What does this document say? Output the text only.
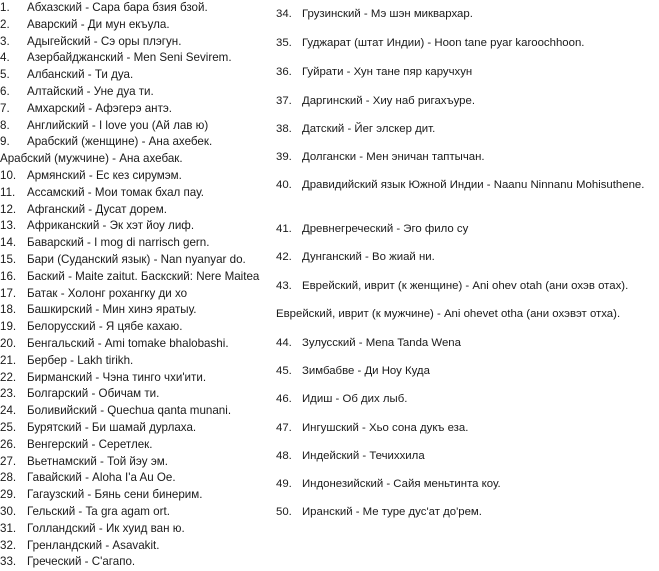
1.	Абхазский - Сара бара бзия бзой.
2.	Аварский - Ди мун екъула.
3.	Адыгейский - Сэ оры плэгун.
4.	Азербайджанский - Men Seni Sevirem.
5.	Албанский - Ти дуа.
6.	Алтайский - Уне дуа ти.
7.	Амхарский - Афэгерэ антэ.
8.	Английский - I love you (Ай лав ю)
9.	Арабский (женщине) - Ана ахебек.
Арабский (мужчине) - Ана ахебак.
10. Армянский - Ес кез сирумэм.
11.	Ассамский - Мои томак бхал пау.
12. Афганский - Дусат дорем.
13. Африканский - Эк хэт йоу лиф.
14. Баварский - I mog di narrisch gern.
15. Бари (Суданский язык) - Nan nyanyar do.
16. Баский - Maite zaitut. Баскский: Nere Maitea
17. Батак - Холонг рохангку ди хо
18. Башкирский - Мин хинэ яратыу.
19. Белорусский - Я цябе кахаю.
20. Бенгальский - Ami tomake bhalobashi.
21. Бербер - Lakh tirikh.
22. Бирманский - Чэна тинго чхи'ити.
23. Болгарский - Обичам ти.
24. Боливийский - Quechua qanta munani.
25. Бурятский - Би шамай дурлаха.
26. Венгерский - Серетлек.
27. Вьетнамский - Той йэу эм.
28. Гавайский - Aloha I'a Au Oe.
29. Гагаузский - Бянь сени бинерим.
30. Гельский - Ta gra agam ort.
31. Голландский - Ик хуид ван ю.
32. Гренландский - Asavakit.
33. Греческий - С'агапо.
34. Грузинский - Мэ шэн миквархар.
35. Гуджарат (штат Индии) - Hoon tane pyar karoochhoon.
36. Гуйрати - Хун тане пяр каручхун
37. Даргинский - Хиу наб ригахъуре.
38. Датский - Йег элскер дит.
39. Долгански - Мен эничан таптычан.
40. Дравидийский язык Южной Индии - Naanu Ninnanu Mohisuthene.
41. Древнегреческий - Эго фило су
42. Дунганский - Во жиай ни.
43. Еврейский, иврит (к женщине) - Ani ohev otah (ани охэв отах).
Еврейский, иврит (к мужчине) - Ani ohevet otha (ани охэвэт отха).
44. Зулусский - Mena Tanda Wena
45. Зимбабве - Ди Ноу Куда
46. Идиш - Об дих лыб.
47. Ингушский - Хьо сона дукъ еза.
48. Индейский - Течиххила
49. Индонезийский - Сайя меньтинта коу.
50. Иранский - Ме туре дус'ат до'рем.
